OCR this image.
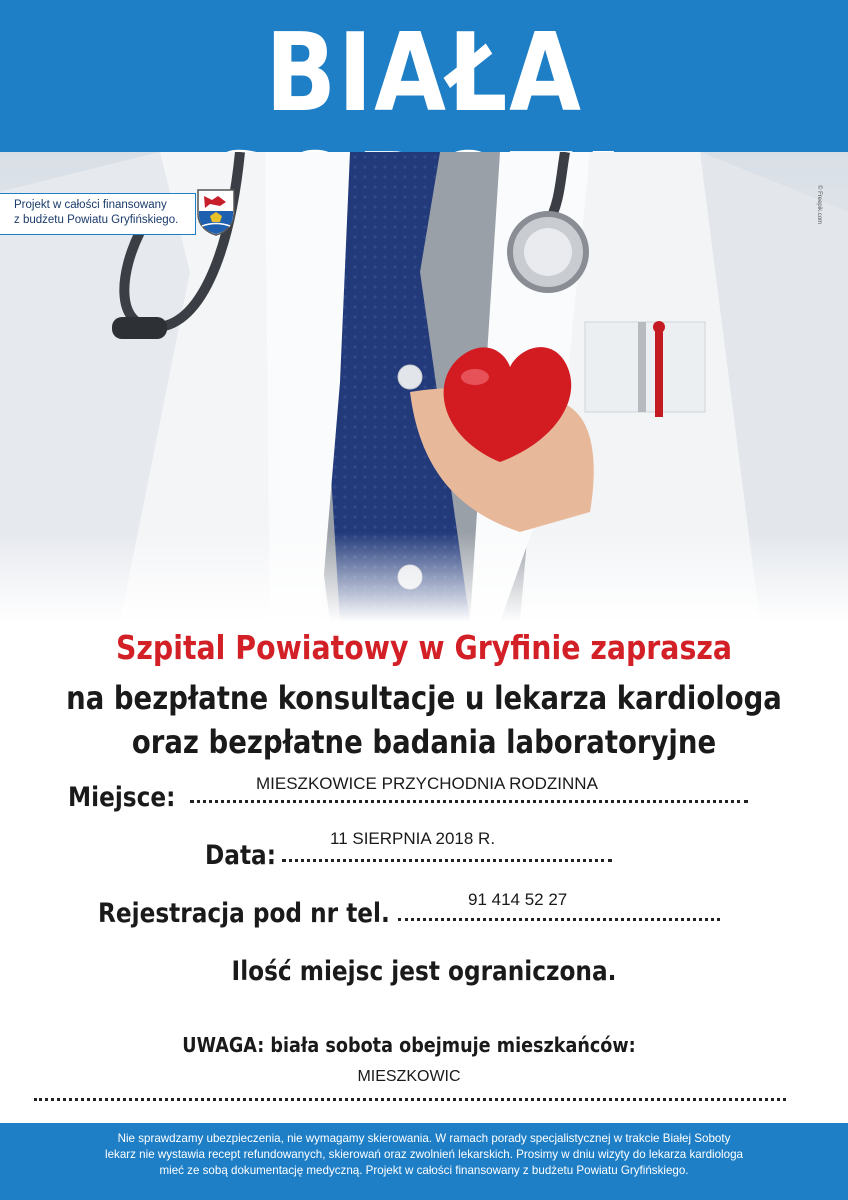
BIAŁA
Projekt w całości finansowany
z budżetu Powiatu Gryfińskiego.	© Freepik.com
Szpital Powiatowy w Gryfinie zaprasza
na bezpłatne konsultacje u lekarza kardiologa
oraz bezpłatne badania laboratoryjne
Miejsce:	MIESZKOWICE PRZYCHODNIA RODZINNA
Data:
11 SIERPNIA 2018 R.
Rejestracja pod nr tel.	91 414 52 27
Ilość miejsc jest ograniczona.
UWAGA: biała sobota obejmuje mieszkańców:
MIESZKOWIC
Nie sprawdzamy ubezpieczenia, nie wymagamy skierowania. W ramach porady specjalistycznej w trakcie Białej Soboty
lekarz nie wystawia recept refundowanych, skierowań oraz zwolnień lekarskich. Prosimy w dniu wizyty do lekarza kardiologa
mieć ze sobą dokumentację medyczną. Projekt w całości finansowany z budżetu Powiatu Gryfińskiego.
